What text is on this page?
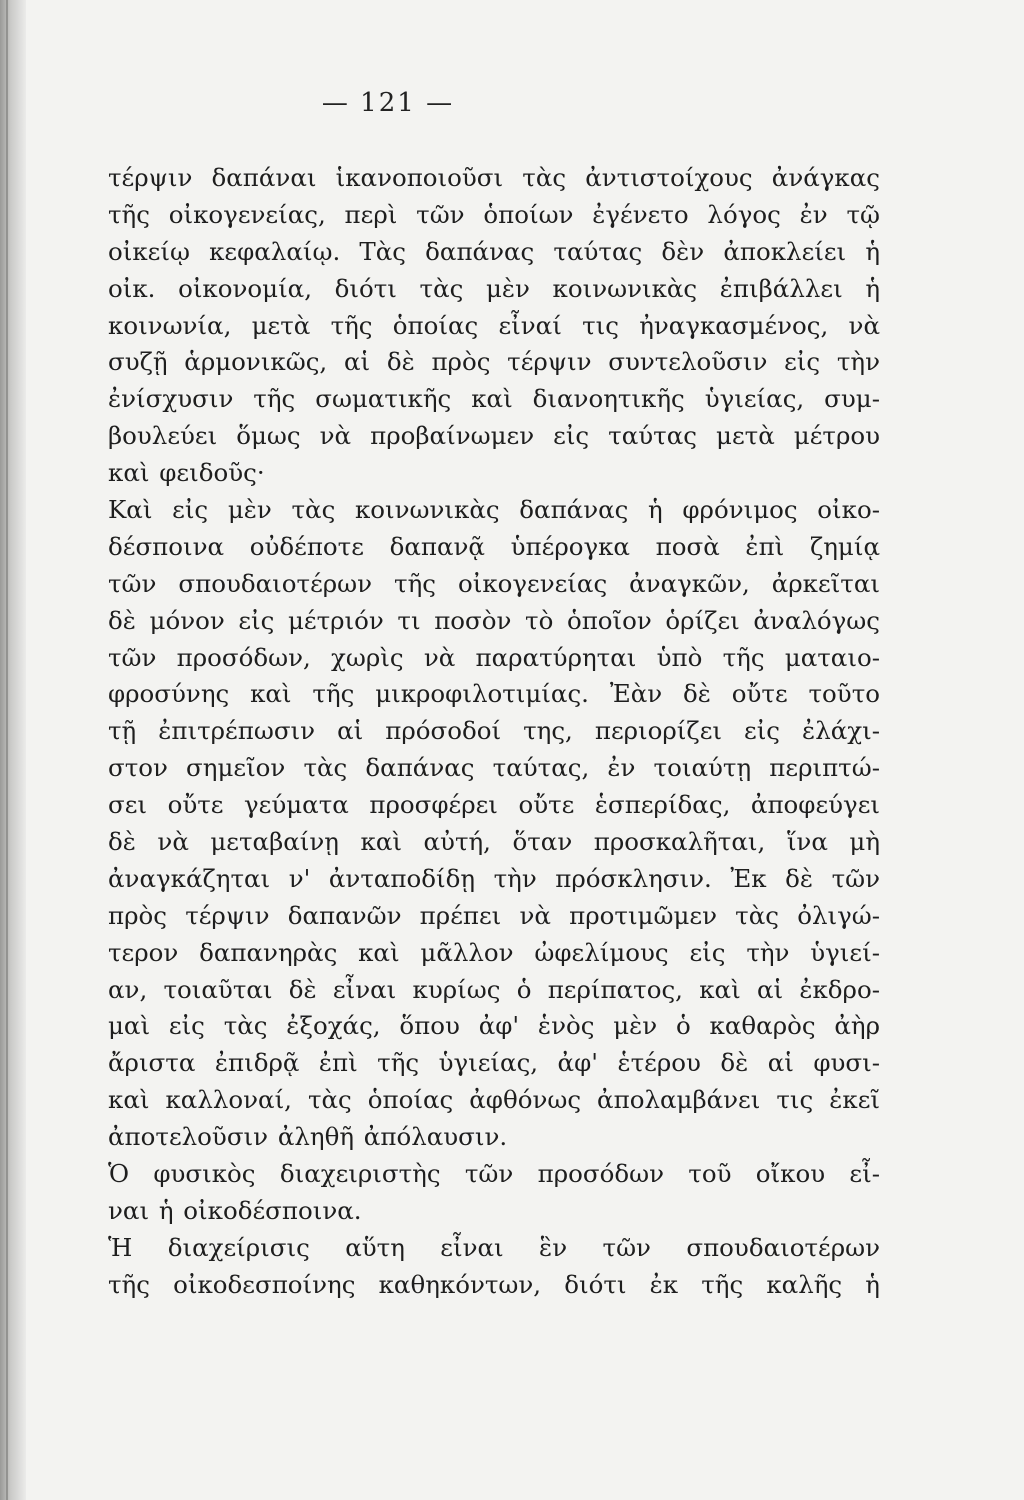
— 121 —
τέρψιν δαπάναι ἱκανοποιοῦσι τὰς ἀντιστοίχους ἀνάγκας
τῆς οἰκογενείας, περὶ τῶν ὁποίων ἐγένετο λόγος ἐν τῷ
οἰκείῳ κεφαλαίῳ. Τὰς δαπάνας ταύτας δὲν ἀποκλείει ἡ
οἰκ. οἰκονομία, διότι τὰς μὲν κοινωνικὰς ἐπιβάλλει ἡ
κοινωνία, μετὰ τῆς ὁποίας εἶναί τις ἠναγκασμένος, νὰ
συζῇ ἁρμονικῶς, αἱ δὲ πρὸς τέρψιν συντελοῦσιν εἰς τὴν
ἐνίσχυσιν τῆς σωματικῆς καὶ διανοητικῆς ὑγιείας, συμ-
βουλεύει ὅμως νὰ προβαίνωμεν εἰς ταύτας μετὰ μέτρου
καὶ φειδοῦς·
Καὶ εἰς μὲν τὰς κοινωνικὰς δαπάνας ἡ φρόνιμος οἰκο-
δέσποινα οὐδέποτε δαπανᾷ ὑπέρογκα ποσὰ ἐπὶ ζημίᾳ
τῶν σπουδαιοτέρων τῆς οἰκογενείας ἀναγκῶν, ἀρκεῖται
δὲ μόνον εἰς μέτριόν τι ποσὸν τὸ ὁποῖον ὁρίζει ἀναλόγως
τῶν προσόδων, χωρὶς νὰ παρατύρηται ὑπὸ τῆς ματαιο-
φροσύνης καὶ τῆς μικροφιλοτιμίας. Ἐὰν δὲ οὔτε τοῦτο
τῇ ἐπιτρέπωσιν αἱ πρόσοδοί της, περιορίζει εἰς ἐλάχι-
στον σημεῖον τὰς δαπάνας ταύτας, ἐν τοιαύτῃ περιπτώ-
σει οὔτε γεύματα προσφέρει οὔτε ἑσπερίδας, ἀποφεύγει
δὲ νὰ μεταβαίνῃ καὶ αὐτή, ὅταν προσκαλῆται, ἵνα μὴ
ἀναγκάζηται ν' ἀνταποδίδῃ τὴν πρόσκλησιν. Ἐκ δὲ τῶν
πρὸς τέρψιν δαπανῶν πρέπει νὰ προτιμῶμεν τὰς ὀλιγώ-
τερον δαπανηρὰς καὶ μᾶλλον ὠφελίμους εἰς τὴν ὑγιεί-
αν, τοιαῦται δὲ εἶναι κυρίως ὁ περίπατος, καὶ αἱ ἐκδρο-
μαὶ εἰς τὰς ἐξοχάς, ὅπου ἀφ' ἑνὸς μὲν ὁ καθαρὸς ἀὴρ
ἄριστα ἐπιδρᾷ ἐπὶ τῆς ὑγιείας, ἀφ' ἑτέρου δὲ αἱ φυσι-
καὶ καλλοναί, τὰς ὁποίας ἀφθόνως ἀπολαμβάνει τις ἐκεῖ
ἀποτελοῦσιν ἀληθῆ ἀπόλαυσιν.
Ὁ φυσικὸς διαχειριστὴς τῶν προσόδων τοῦ οἴκου εἶ-
ναι ἡ οἰκοδέσποινα.
Ἡ διαχείρισις αὕτη εἶναι ἓν τῶν σπουδαιοτέρων
τῆς οἰκοδεσποίνης καθηκόντων, διότι ἐκ τῆς καλῆς ἡ
